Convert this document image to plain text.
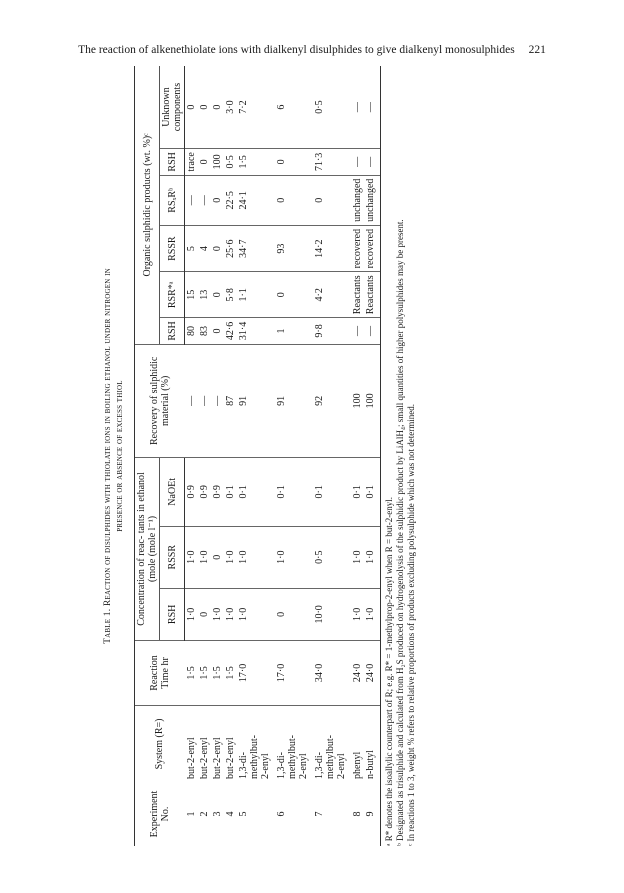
The reaction of alkenethiolate ions with dialkenyl disulphides to give dialkenyl monosulphides 221
Table 1. Reaction of disulphides with thiolate ions in boiling ethanol under nitrogen in presence or absence of excess thiol
Experiment No.	System (R=)	Reaction Time hr	Concentration of reac- tants in ethanol (mole (mole l⁻¹)			Recovery of sulphidic material (%)	Organic sulphidic products (wt. %)ᶜ					
			RSH	RSSR	NaOEt		RSH	RSR*ᵃ	RSSR	RSₓRᵇ	RSH	Unknown components
1	but-2-enyl	1·5	1·0	1·0	0·9	—	80	15	5	—	trace	0
2	but-2-enyl	1·5	0	1·0	0·9	—	83	13	4	—	0	0
3	but-2-enyl	1·5	1·0	0	0·9	—	0	0	0	0	100	0
4	but-2-enyl	1·5	1·0	1·0	0·1	87	42·6	5·8	25·6	22·5	0·5	3·0
5	1,3-di- methylbut- 2-enyl	17·0	1·0	1·0	0·1	91	31·4	1·1	34·7	24·1	1·5	7·2
6	1,3-di- methylbut- 2-enyl	17·0	0	1·0	0·1	91	1	0	93	0	0	6
7	1,3-di- methylbut- 2-enyl	34·0	10·0	0·5	0·1	92	9·8	4·2	14·2	0	71·3	0·5
8	phenyl	24·0	1·0	1·0	0·1	100	—	Reactants	recovered	unchanged	—	—
9	n-butyl	24·0	1·0	1·0	0·1	100	—	Reactants	recovered	unchanged	—	—
ᵃ R* denotes the isoallylic counterpart of R; e.g. R* = 1-methylprop-2-enyl when R = but-2-enyl. ᵇ Designated as trisulphide and calculated from H₂S produced on hydrogenolysis of the sulphidic product by LiAlH₄; small quantities of higher polysulphides may be present. ᶜ In reactions 1 to 3, weight % refers to relative proportions of products excluding polysulphide which was not determined.
